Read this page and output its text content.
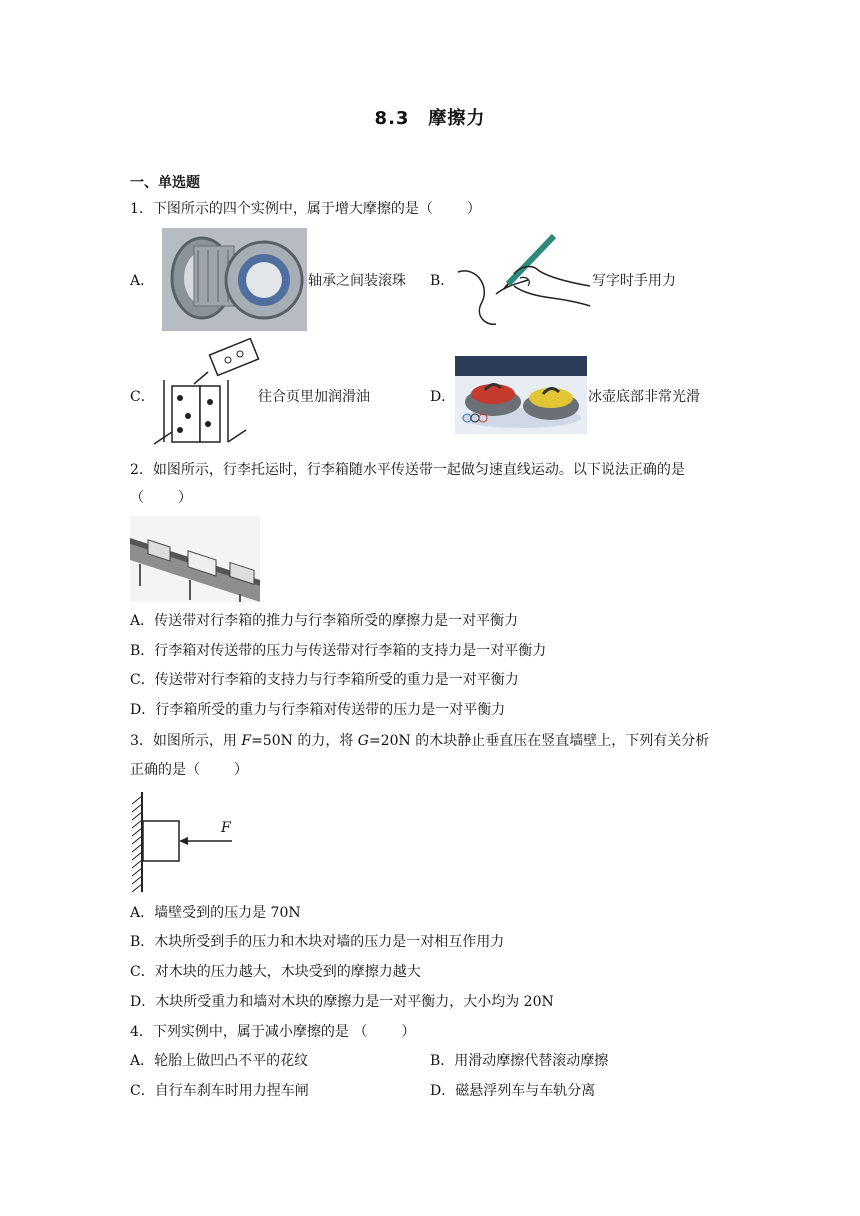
8.3　摩擦力
一、单选题
1．下图所示的四个实例中，属于增大摩擦的是（ ）
A．	轴承之间装滚珠 B．	写字时手用力
C．	往合页里加润滑油	D．	冰壶底部非常光滑
2．如图所示，行李托运时，行李箱随水平传送带一起做匀速直线运动。以下说法正确的是
（ ）
A．传送带对行李箱的推力与行李箱所受的摩擦力是一对平衡力
B．行李箱对传送带的压力与传送带对行李箱的支持力是一对平衡力
C．传送带对行李箱的支持力与行李箱所受的重力是一对平衡力
D．行李箱所受的重力与行李箱对传送带的压力是一对平衡力
3．如图所示，用 F=50N 的力，将 G=20N 的木块静止垂直压在竖直墙壁上，下列有关分析
正确的是（ ）
F
A．墙壁受到的压力是 70N
B．木块所受到手的压力和木块对墙的压力是一对相互作用力
C．对木块的压力越大，木块受到的摩擦力越大
D．木块所受重力和墙对木块的摩擦力是一对平衡力，大小均为 20N
4．下列实例中，属于减小摩擦的是 （ ）
A．轮胎上做凹凸不平的花纹	B．用滑动摩擦代替滚动摩擦
C．自行车刹车时用力捏车闸	D．磁悬浮列车与车轨分离
